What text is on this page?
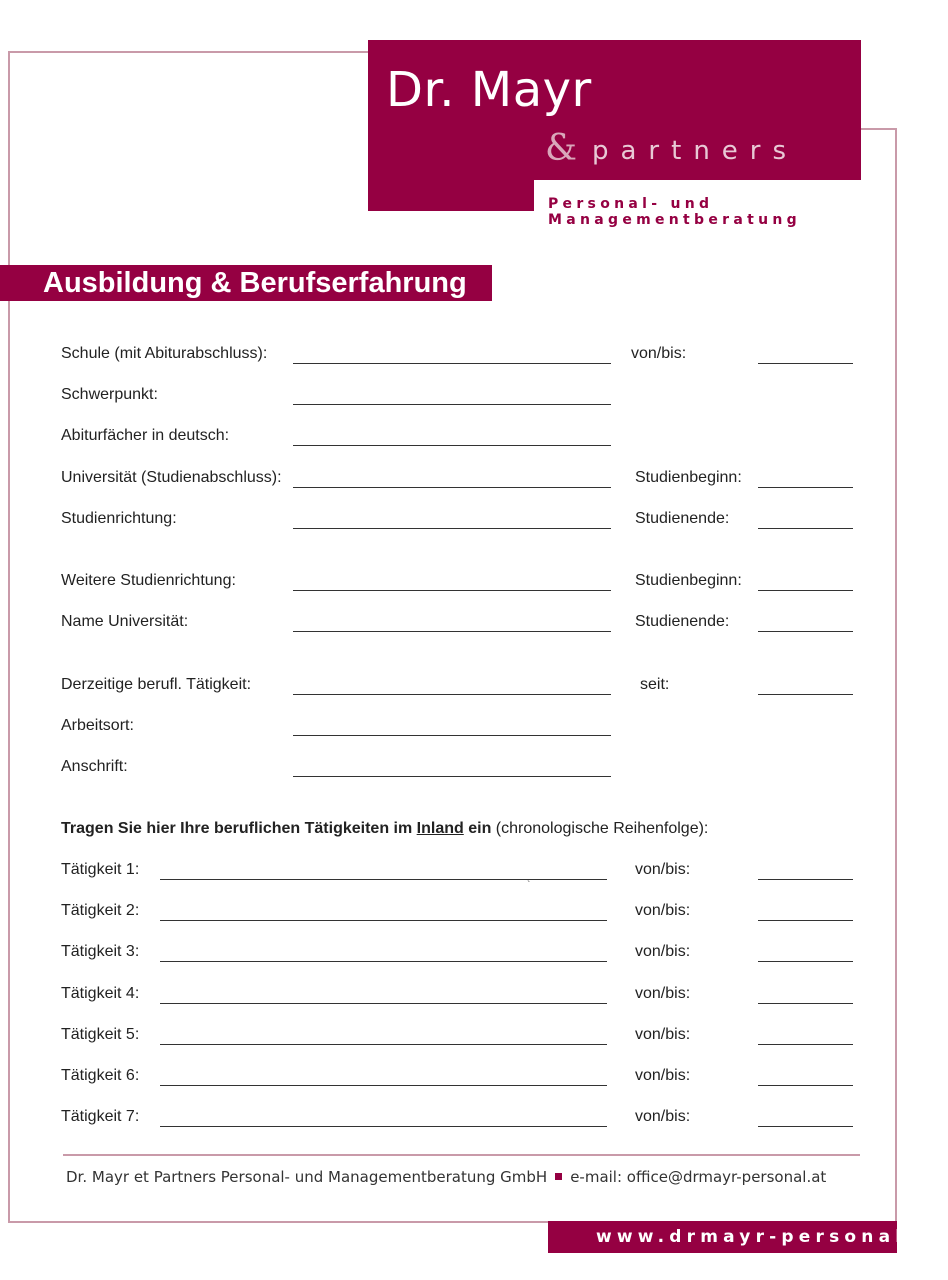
Dr. Mayr
& partners
Personal- und Managementberatung
Ausbildung & Berufserfahrung
Schule (mit Abiturabschluss):	von/bis:
Schwerpunkt:
Abiturfächer in deutsch:
Universität (Studienabschluss):	Studienbeginn:
Studienrichtung:	Studienende:
Weitere Studienrichtung:	Studienbeginn:
Name Universität:	Studienende:
Derzeitige berufl. Tätigkeit:	seit:
Arbeitsort:
Anschrift:
Tragen Sie hier Ihre beruflichen Tätigkeiten im Inland ein (chronologische Reihenfolge):
`
Tätigkeit 1:	von/bis:
Tätigkeit 2:	von/bis:
Tätigkeit 3:	von/bis:
Tätigkeit 4:	von/bis:
Tätigkeit 5:	von/bis:
Tätigkeit 6:	von/bis:
Tätigkeit 7:	von/bis:
Dr. Mayr et Partners Personal- und Managementberatung GmbH e-mail: office@drmayr-personal.at
www.drmayr-personal.at
